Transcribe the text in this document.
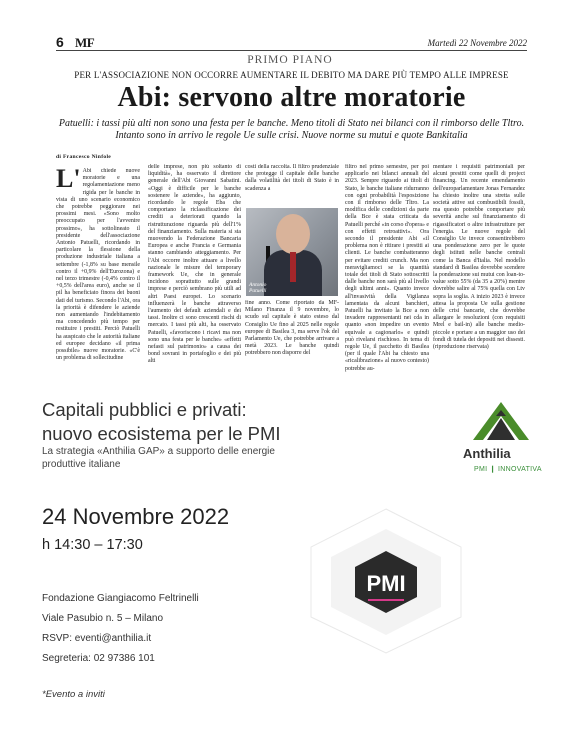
6 MF	Martedì 22 Novembre 2022
PRIMO PIANO
PER L'ASSOCIAZIONE NON OCCORRE AUMENTARE IL DEBITO MA DARE PIÙ TEMPO ALLE IMPRESE
Abi: servono altre moratorie
Patuelli: i tassi più alti non sono una festa per le banche. Meno titoli di Stato nei bilanci con il rimborso delle Tltro. Intanto sono in arrivo le regole Ue sulle crisi. Nuove norme su mutui e quote Bankitalia
di Francesco Ninfole
L' Abi chiede nuove moratorie e una regolamentazione meno rigida per le banche in vista di uno scenario economico che potrebbe peggiorare nei prossimi mesi. «Sono molto preoccupato per l'avvenire prossimo», ha sottolineato il presidente dell'associazione Antonio Patuelli, ricordando in particolare la flessione della produzione industriale italiana a settembre (-1,8% su base mensile contro il +0,9% dell'Eurozona) e nel terzo trimestre (-0,4% contro il +0,5% dell'area euro), anche se il pil ha beneficiato finora dei buoni dati del turismo. Secondo l'Abi, ora la priorità è difendere le aziende non aumentando l'indebitamento ma concedendo più tempo per restituire i prestiti. Perciò Patuelli ha auspicato che le autorità italiane ed europee decidano «il prima possibile» nuove moratorie. «C'è un problema di sollecitudine
delle imprese, non più soltanto di liquidità», ha osservato il direttore generale dell'Abi Giovanni Sabatini. «Oggi è difficile per le banche sostenere le aziende», ha aggiunto, ricordando le regole Eba che comportano la riclassificazione dei crediti a deteriorati quando la ristrutturazione riguarda più dell'1% del finanziamento. Sulla materia si sta muovendo la Federazione Bancaria Europea e anche Francia e Germania stanno cambiando atteggiamento. Per l'Abi occorre inoltre attuare a livello nazionale le misure del temporary framework Ue, che in generale incidono soprattutto sulle grandi imprese e perciò sembrano più utili ad altri Paesi europei. Lo scenario influenzerà le banche attraverso l'aumento dei default aziendali e dei tassi. Inoltre ci sono crescenti rischi di mercato. I tassi più alti, ha osservato Patuelli, «favoriscono i ricavi ma non sono una festa per le banche» «effetti nefasti sul patrimonio» a causa dei bond sovrani in portafoglio e dei più alti
costi della raccolta. Il filtro prudenziale che protegge il capitale delle banche dalla volatilità dei titoli di Stato è in scadenza a
Antonio
Patuelli
fine anno. Come riportato da MF-Milano Finanza il 9 novembre, lo scudo sul capitale è stato esteso dal Consiglio Ue fino al 2025 nelle regole europee di Basilea 3, ma serve l'ok del Parlamento Ue, che potrebbe arrivare a metà 2023. Le banche quindi potrebbero non disporre del
filtro nel primo semestre, per poi applicarlo nei bilanci annuali del 2023. Sempre riguardo ai titoli di Stato, le banche italiane ridurranno con ogni probabilità l'esposizione con il rimborso delle Tltro. La modifica delle condizioni da parte della Bce è stata criticata da Patuelli perché «in corso d'opera» e con effetti retroattivi». Ora secondo il presidente Abi «il problema non è ritirare i prestiti ai clienti. Le banche combatteranno per evitare crediti crunch. Ma non meravigliamoci se la quantità totale dei titoli di Stato sottoscritti dalle banche non sarà più al livello degli ultimi anni». Quanto invece all'invasività della Vigilanza lamentata da alcuni banchieri, Patuelli ha invitato la Bce a non invadere rappresentanti nei cda in quanto «non impedire un evento equivale a cagionarlo» e quindi può rivelarsi rischioso. In tema di regole Ue, il pacchetto di Basilea (per il quale l'Abi ha chiesto una «ricalibrazione» al nuovo contesto) potrebbe au-
mentare i requisiti patrimoniali per alcuni prestiti come quelli di project financing. Un recente emendamento dell'europarlamentare Jonas Fernandez ha chiesto inoltre una stretta sulle società attive sui combustibili fossili, ma questo potrebbe comportare più severità anche sul finanziamento di rigassificatori o altre infrastrutture per l'energia. Le nuove regole del Consiglio Ue invece consentirebbero una ponderazione zero per le quote degli istituti nelle banche centrali come la Banca d'Italia. Nel modello standard di Basilea dovrebbe scendere la ponderazione sui mutui con loan-to-value sotto 55% (da 35 a 20%) mentre dovrebbe salire al 75% quella con Ltv sopra la soglia. A inizio 2023 è invece attesa la proposta Ue sulla gestione delle crisi bancarie, che dovrebbe allargare le resoluzioni (con requisiti Mrel e bail-in) alle banche medio-piccole e portare a un maggior uso dei fondi di tutela dei depositi nei dissesti. (riproduzione riservata)
Capitali pubblici e privati:
nuovo ecosistema per le PMI
La strategia «Anthilia GAP» a supporto delle energie
produttive italiane
24 Novembre 2022
h 14:30 – 17:30
Fondazione Giangiacomo Feltrinelli
Viale Pasubio n. 5 – Milano
RSVP: eventi@anthilia.it
Segreteria: 02 97386 101
*Evento a inviti
Anthilia
PMI ❙ INNOVATIVA
PMI
